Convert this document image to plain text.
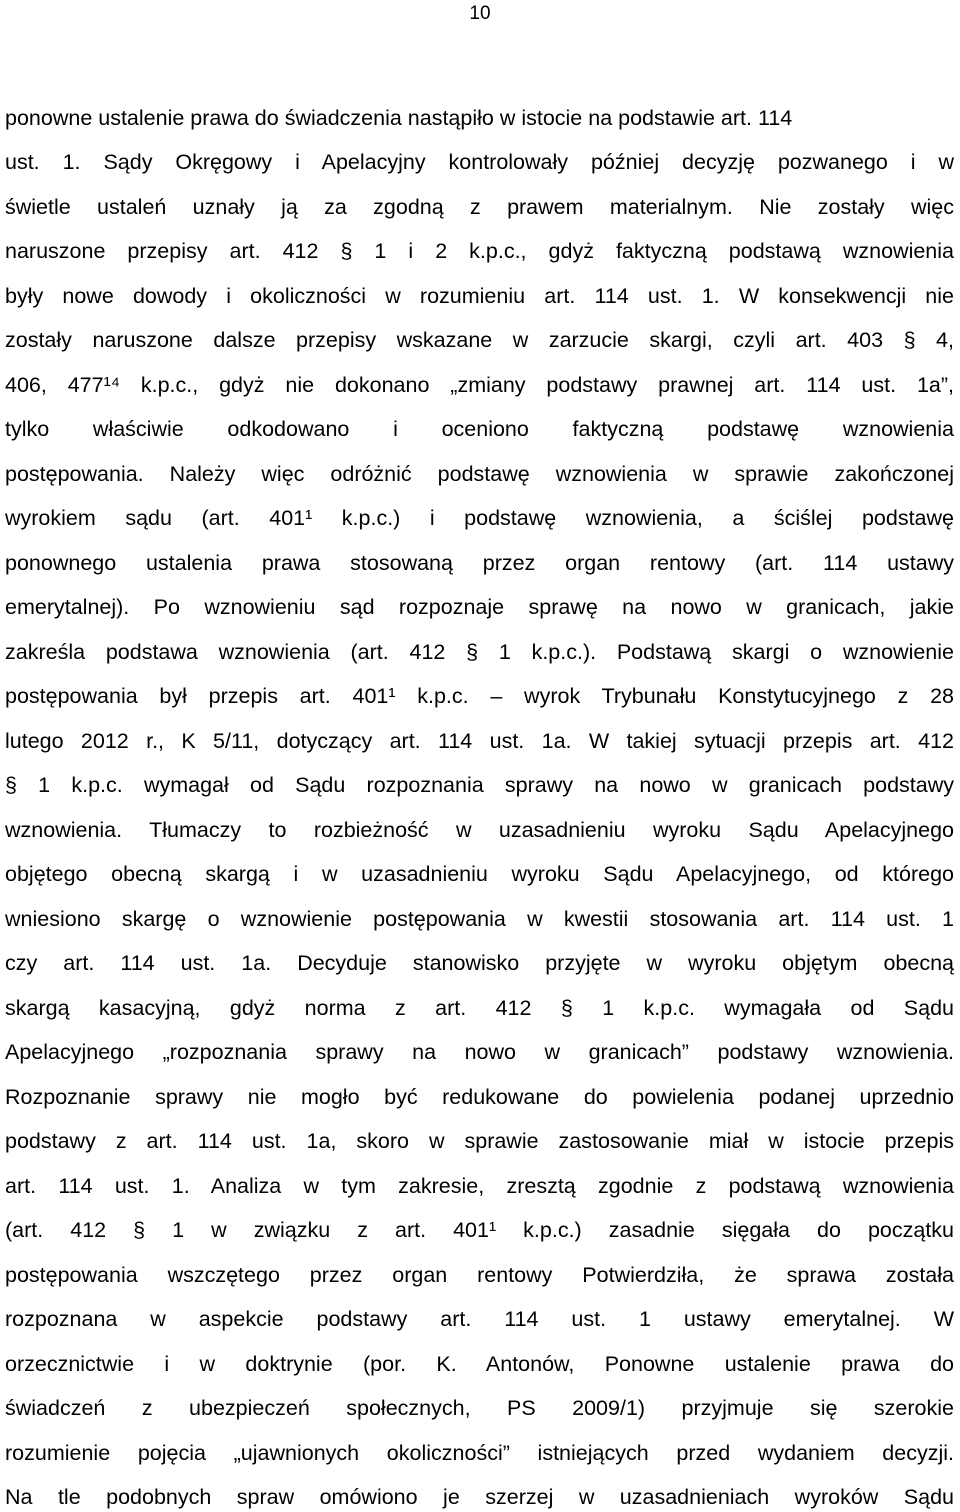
10
ponowne ustalenie prawa do świadczenia nastąpiło w istocie na podstawie art. 114
ust. 1. Sądy Okręgowy i Apelacyjny kontrolowały później decyzję pozwanego i w
świetle ustaleń uznały ją za zgodną z prawem materialnym. Nie zostały więc
naruszone przepisy art. 412 § 1 i 2 k.p.c., gdyż faktyczną podstawą wznowienia
były nowe dowody i okoliczności w rozumieniu art. 114 ust. 1. W konsekwencji nie
zostały naruszone dalsze przepisy wskazane w zarzucie skargi, czyli art. 403 § 4,
406, 477¹⁴ k.p.c., gdyż nie dokonano „zmiany podstawy prawnej art. 114 ust. 1a”,
tylko właściwie odkodowano i oceniono faktyczną podstawę wznowienia
postępowania. Należy więc odróżnić podstawę wznowienia w sprawie zakończonej
wyrokiem sądu (art. 401¹ k.p.c.) i podstawę wznowienia, a ściślej podstawę
ponownego ustalenia prawa stosowaną przez organ rentowy (art. 114 ustawy
emerytalnej). Po wznowieniu sąd rozpoznaje sprawę na nowo w granicach, jakie
zakreśla podstawa wznowienia (art. 412 § 1 k.p.c.). Podstawą skargi o wznowienie
postępowania był przepis art. 401¹ k.p.c. – wyrok Trybunału Konstytucyjnego z 28
lutego 2012 r., K 5/11, dotyczący art. 114 ust. 1a. W takiej sytuacji przepis art. 412
§ 1 k.p.c. wymagał od Sądu rozpoznania sprawy na nowo w granicach podstawy
wznowienia. Tłumaczy to rozbieżność w uzasadnieniu wyroku Sądu Apelacyjnego
objętego obecną skargą i w uzasadnieniu wyroku Sądu Apelacyjnego, od którego
wniesiono skargę o wznowienie postępowania w kwestii stosowania art. 114 ust. 1
czy art. 114 ust. 1a. Decyduje stanowisko przyjęte w wyroku objętym obecną
skargą kasacyjną, gdyż norma z art. 412 § 1 k.p.c. wymagała od Sądu
Apelacyjnego „rozpoznania sprawy na nowo w granicach” podstawy wznowienia.
Rozpoznanie sprawy nie mogło być redukowane do powielenia podanej uprzednio
podstawy z art. 114 ust. 1a, skoro w sprawie zastosowanie miał w istocie przepis
art. 114 ust. 1. Analiza w tym zakresie, zresztą zgodnie z podstawą wznowienia
(art. 412 § 1 w związku z art. 401¹ k.p.c.) zasadnie sięgała do początku
postępowania wszczętego przez organ rentowy Potwierdziła, że sprawa została
rozpoznana w aspekcie podstawy art. 114 ust. 1 ustawy emerytalnej. W
orzecznictwie i w doktrynie (por. K. Antonów, Ponowne ustalenie prawa do
świadczeń z ubezpieczeń społecznych, PS 2009/1) przyjmuje się szerokie
rozumienie pojęcia „ujawnionych okoliczności” istniejących przed wydaniem decyzji.
Na tle podobnych spraw omówiono je szerzej w uzasadnieniach wyroków Sądu
